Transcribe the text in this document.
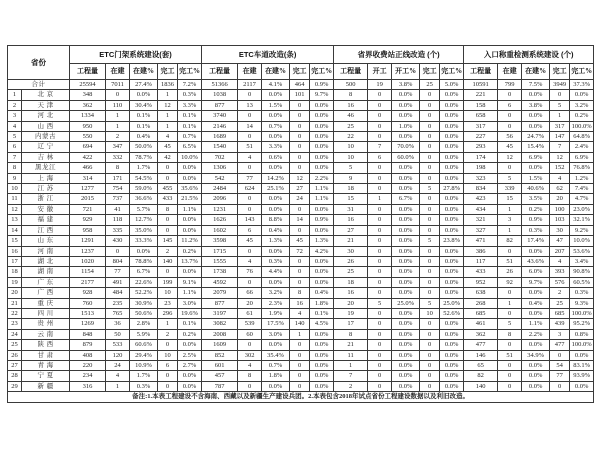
省份		ETC门架系统建设(套)					ETC车道改造(条)					省界收费站正线改造 (个)					入口称重检测系统建设 (个)				
		工程量	在建	在建%	完工	完工%	工程量	在建	在建%	完工	完工%	工程量	开工	开工%	完工	完工%	工程量	在建	在建%	完工	完工%
合计		25594	7011	27.4%	1836	7.2%	51366	2117	4.1%	464	0.9%	500	19	3.8%	25	5.0%	10591	799	7.5%	3949	37.3%
1	北 京	348	0	0.0%	1	0.3%	1038	0	0.0%	101	9.7%	8	0	0.0%	0	0.0%	221	0	0.0%	0	0.0%
2	天 津	362	110	30.4%	12	3.3%	877	13	1.5%	0	0.0%	16	0	0.0%	0	0.0%	158	6	3.8%	5	3.2%
3	河 北	1334	1	0.1%	1	0.1%	3740	0	0.0%	0	0.0%	46	0	0.0%	0	0.0%	658	0	0.0%	1	0.2%
4	山 西	950	1	0.1%	1	0.1%	2146	14	0.7%	0	0.0%	25	0	1.0%	0	0.0%	317	0	0.0%	317	100.0%
5	内蒙古	550	2	0.4%	4	0.7%	1689	0	0.0%	0	0.0%	22	0	0.0%	0	0.0%	227	56	24.7%	147	64.8%
6	辽 宁	694	347	50.0%	45	6.5%	1540	51	3.3%	0	0.0%	10	7	70.0%	0	0.0%	293	45	15.4%	7	2.4%
7	吉 林	422	332	78.7%	42	10.0%	702	4	0.6%	0	0.0%	10	6	60.0%	0	0.0%	174	12	6.9%	12	6.9%
8	黑龙江	466	8	1.7%	0	0.0%	1306	0	0.0%	0	0.0%	5	0	0.0%	0	0.0%	198	0	0.0%	152	76.8%
9	上 海	314	171	54.5%	0	0.0%	542	77	14.2%	12	2.2%	9	0	0.0%	0	0.0%	323	5	1.5%	4	1.2%
10	江 苏	1277	754	59.0%	455	35.6%	2484	624	25.1%	27	1.1%	18	0	0.0%	5	27.8%	834	339	40.6%	62	7.4%
11	浙 江	2015	737	36.6%	433	21.5%	2096	0	0.0%	24	1.1%	15	1	6.7%	0	0.0%	423	15	3.5%	20	4.7%
12	安 徽	721	41	5.7%	8	1.1%	1231	0	0.0%	0	0.0%	31	0	0.0%	0	0.0%	434	1	0.2%	100	23.0%
13	福 建	929	118	12.7%	0	0.0%	1626	143	8.8%	14	0.9%	16	0	0.0%	0	0.0%	321	3	0.9%	103	32.1%
14	江 西	958	335	35.0%	0	0.0%	1602	6	0.4%	0	0.0%	27	0	0.0%	0	0.0%	327	1	0.3%	30	9.2%
15	山 东	1291	430	33.3%	145	11.2%	3598	45	1.3%	45	1.3%	21	0	0.0%	5	23.8%	471	82	17.4%	47	10.0%
16	河 南	1237	0	0.0%	2	0.2%	1715	0	0.0%	72	4.2%	30	0	0.0%	0	0.0%	386	0	0.0%	207	53.6%
17	湖 北	1020	804	78.8%	140	13.7%	1555	4	0.3%	0	0.0%	26	0	0.0%	0	0.0%	117	51	43.6%	4	3.4%
18	湖 南	1154	77	6.7%	0	0.0%	1738	76	4.4%	0	0.0%	25	0	0.0%	0	0.0%	433	26	6.0%	393	90.8%
19	广 东	2177	491	22.6%	199	9.1%	4592	0	0.0%	0	0.0%	18	0	0.0%	0	0.0%	952	92	9.7%	576	60.5%
20	广 西	928	484	52.2%	10	1.1%	2079	66	3.2%	8	0.4%	16	0	0.0%	0	0.0%	638	0	0.0%	2	0.3%
21	重 庆	760	235	30.9%	23	3.0%	877	20	2.3%	16	1.8%	20	5	25.0%	5	25.0%	268	1	0.4%	25	9.3%
22	四 川	1513	765	50.6%	296	19.6%	3197	61	1.9%	4	0.1%	19	0	0.0%	10	52.6%	685	0	0.0%	685	100.0%
23	贵 州	1269	36	2.8%	1	0.1%	3082	539	17.5%	140	4.5%	17	0	0.0%	0	0.0%	461	5	1.1%	439	95.2%
24	云 南	848	50	5.9%	2	0.2%	2008	60	3.0%	1	0.0%	8	0	0.0%	0	0.0%	362	8	2.2%	3	0.8%
25	陕 西	879	533	60.6%	0	0.0%	1609	0	0.0%	0	0.0%	21	0	0.0%	0	0.0%	477	0	0.0%	477	100.0%
26	甘 肃	408	120	29.4%	10	2.5%	852	302	35.4%	0	0.0%	11	0	0.0%	0	0.0%	146	51	34.9%	0	0.0%
27	青 海	220	24	10.9%	6	2.7%	601	4	0.7%	0	0.0%	1	0	0.0%	0	0.0%	65	0	0.0%	54	83.1%
28	宁 夏	234	4	1.7%	0	0.0%	457	8	1.8%	0	0.0%	7	0	0.0%	0	0.0%	82	0	0.0%	77	93.9%
29	新 疆	316	1	0.3%	0	0.0%	787	0	0.0%	0	0.0%	2	0	0.0%	0	0.0%	140	0	0.0%	0	0.0%
备注:1.本表工程建设不含海南、西藏以及新疆生产建设兵团。2.本表包含2018年试点省份工程建设数据以及利旧改造。																					
